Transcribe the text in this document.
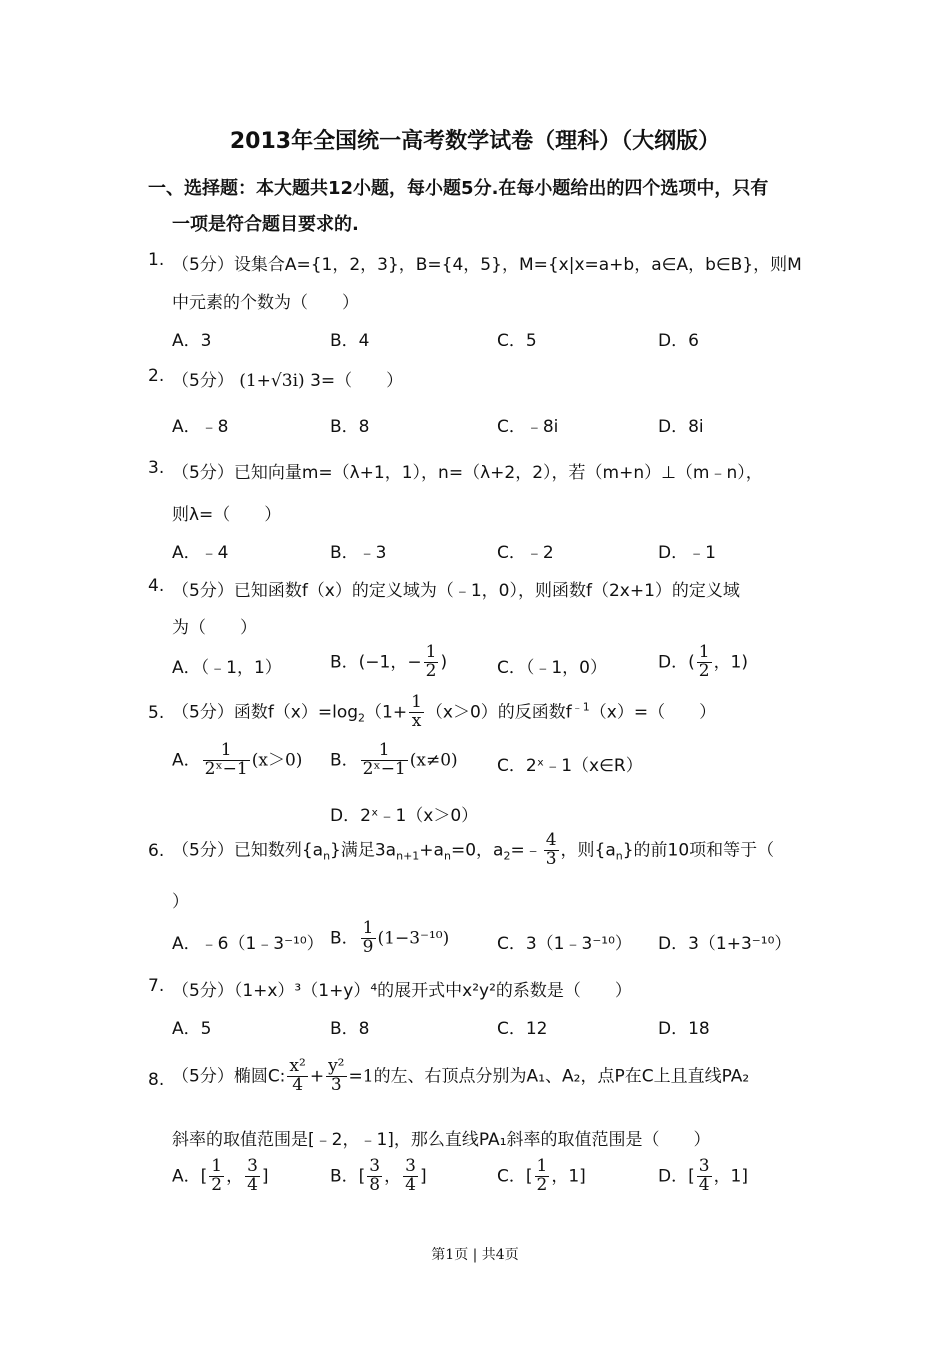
2013年全国统一高考数学试卷（理科）（大纲版）
一、选择题：本大题共12小题，每小题5分.在每小题给出的四个选项中，只有
一项是符合题目要求的.
1. （5分）设集合A={1，2，3}，B={4，5}，M={x|x=a+b，a∈A，b∈B}，则M
中元素的个数为（　　）
A．3	B．4	C．5	D．6
2. （5分） (1+√3i) 3=（　　）
A．﹣8	B．8	C．﹣8i	D．8i
3. （5分）已知向量m=（λ+1，1），n=（λ+2，2），若（m+n）⊥（m﹣n），
则λ=（　　）
A．﹣4	B．﹣3	C．﹣2	D．﹣1
4. （5分）已知函数f（x）的定义域为（﹣1，0），则函数f（2x+1）的定义域
为（　　）
A．（﹣1，1）	B．(−1，− $\frac{1}{2}$ )	C．（﹣1，0）	D．( $\frac{1}{2}$ ，1)
5. （5分）函数$f(x)=\log_2(1+ \frac{1}{x} (x>0)$的反函数$f^{﹣1}(x)=$（　　）
A． $\frac{1}{\text{2ˣ−1}} (x>0)$ B． $\frac{1}{\text{2ˣ−1}} (x\ne 0)$ C．2ˣ﹣1（x∈R）
D．2ˣ﹣1（x＞0）
6. （5分）已知数列$\{a_n\}$满足$3a_{n+1}+a_n=0$，$a_2=﹣ \frac{4}{3}$ ，则$\{a_n\}$的前10项和等于（
）
A．﹣6（1﹣3⁻¹⁰） B． $\frac{1}{9} (1-3^{-10})$	C．3（1﹣3⁻¹⁰） D．3（1+3⁻¹⁰）
7. （5分）（1+x）³（1+y）⁴的展开式中x²y²的系数是（　　）
A．5	B．8	C．12	D．18
8. （5分）椭圆C: $\frac{\text{x²}}{4} + \frac{\text{y²}}{3} =1$的左、右顶点分别为A₁、A₂，点P在C上且直线PA₂
斜率的取值范围是[﹣2，﹣1]，那么直线PA₁斜率的取值范围是（　　）
A．[ $\frac{1}{2}$ ， $\frac{3}{4}$ ]	B．[ $\frac{3}{8}$ ， $\frac{3}{4}$ ]	C．[ $\frac{1}{2}$ ，1]	D．[ $\frac{3}{4}$ ，1]
第1页 | 共4页
